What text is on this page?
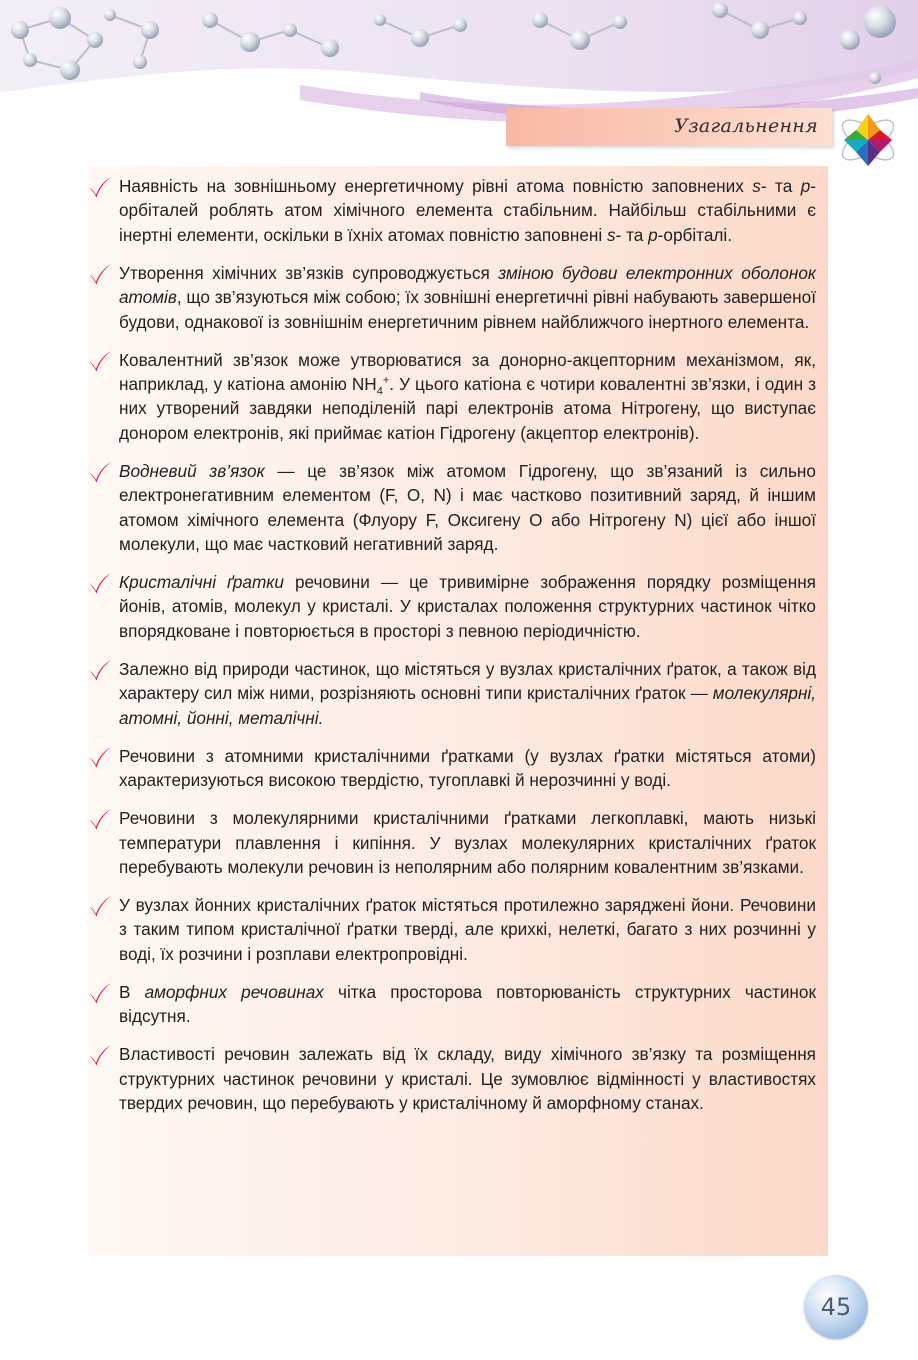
Узагальнення

Наявність на зовнішньому енергетичному рівні атома повністю заповнених s- та p-орбіталей роблять атом хімічного елемента стабільним. Найбільш стабільними є інертні елементи, оскільки в їхніх атомах повністю заповнені s- та p-орбіталі.

Утворення хімічних зв’язків супроводжується зміною будови електронних оболонок атомів, що зв’язуються між собою; їх зовнішні енергетичні рівні набувають завершеної будови, однакової із зовнішнім енергетичним рівнем найближчого інертного елемента.

Ковалентний зв’язок може утворюватися за донорно-акцепторним механізмом, як, наприклад, у катіона амонію $NH_4^+$. У цього катіона є чотири ковалентні зв’язки, і один з них утворений завдяки неподіленій парі електронів атома Нітрогену, що виступає донором електронів, які приймає катіон Гідрогену (акцептор електронів).

Водневий зв’язок — це зв’язок між атомом Гідрогену, що зв’язаний із сильно електронегативним елементом (F, O, N) і має частково позитивний заряд, й іншим атомом хімічного елемента (Флуору F, Оксигену O або Нітрогену N) цієї або іншої молекули, що має частковий негативний заряд.

Кристалічні ґратки речовини — це тривимірне зображення порядку розміщення йонів, атомів, молекул у кристалі. У кристалах положення структурних частинок чітко впорядковане і повторюється в просторі з певною періодичністю.

Залежно від природи частинок, що містяться у вузлах кристалічних ґраток, а також від характеру сил між ними, розрізняють основні типи кристалічних ґраток — молекулярні, атомні, йонні, металічні.

Речовини з атомними кристалічними ґратками (у вузлах ґратки містяться атоми) характеризуються високою твердістю, тугоплавкі й нерозчинні у воді.

Речовини з молекулярними кристалічними ґратками легкоплавкі, мають низькі температури плавлення і кипіння. У вузлах молекулярних кристалічних ґраток перебувають молекули речовин із неполярним або полярним ковалентним зв’язками.

У вузлах йонних кристалічних ґраток містяться протилежно заряджені йони. Речовини з таким типом кристалічної ґратки тверді, але крихкі, нелеткі, багато з них розчинні у воді, їх розчини і розплави електропровідні.

В аморфних речовинах чітка просторова повторюваність структурних частинок відсутня.

Властивості речовин залежать від їх складу, виду хімічного зв’язку та розміщення структурних частинок речовини у кристалі. Це зумовлює відмінності у властивостях твердих речовин, що перебувають у кристалічному й аморфному станах.

45
